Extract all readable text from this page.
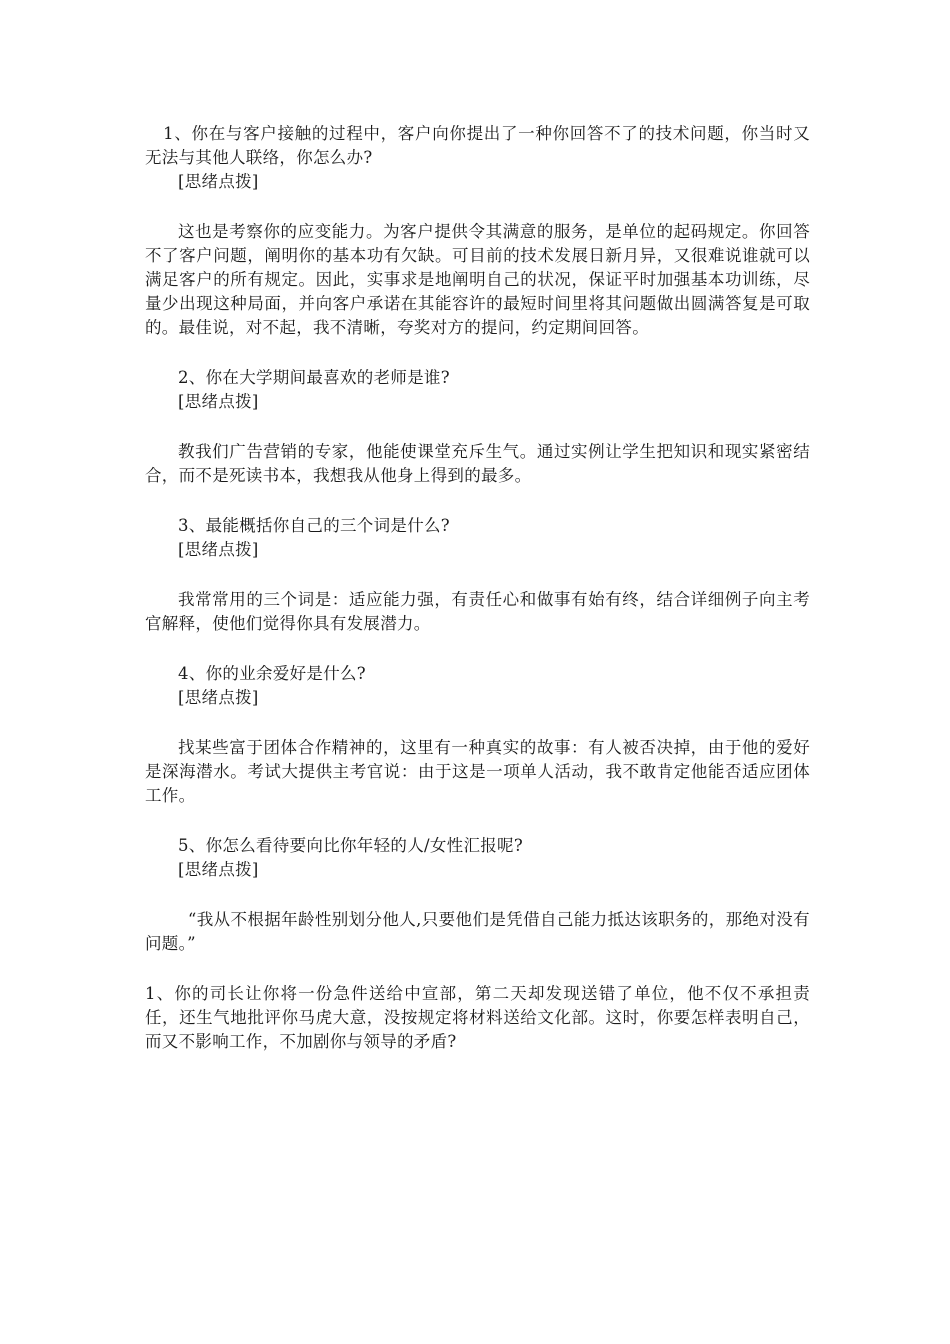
1、你在与客户接触的过程中，客户向你提出了一种你回答不了的技术问题，你当时又无法与其他人联络，你怎么办?

[思绪点拨]

这也是考察你的应变能力。为客户提供令其满意的服务，是单位的起码规定。你回答不了客户问题，阐明你的基本功有欠缺。可目前的技术发展日新月异，又很难说谁就可以满足客户的所有规定。因此，实事求是地阐明自己的状况，保证平时加强基本功训练，尽量少出现这种局面，并向客户承诺在其能容许的最短时间里将其问题做出圆满答复是可取的。最佳说，对不起，我不清晰，夸奖对方的提问，约定期间回答。

2、你在大学期间最喜欢的老师是谁?

[思绪点拨]

教我们广告营销的专家，他能使课堂充斥生气。通过实例让学生把知识和现实紧密结合，而不是死读书本，我想我从他身上得到的最多。

3、最能概括你自己的三个词是什么?

[思绪点拨]

我常常用的三个词是：适应能力强，有责任心和做事有始有终，结合详细例子向主考官解释，使他们觉得你具有发展潜力。

4、你的业余爱好是什么?

[思绪点拨]

找某些富于团体合作精神的，这里有一种真实的故事：有人被否决掉，由于他的爱好是深海潜水。考试大提供主考官说：由于这是一项单人活动，我不敢肯定他能否适应团体工作。

5、你怎么看待要向比你年轻的人/女性汇报呢?

[思绪点拨]

“我从不根据年龄性别划分他人,只要他们是凭借自己能力抵达该职务的，那绝对没有问题。”

1、你的司长让你将一份急件送给中宣部，第二天却发现送错了单位，他不仅不承担责任，还生气地批评你马虎大意，没按规定将材料送给文化部。这时，你要怎样表明自己，而又不影响工作，不加剧你与领导的矛盾?
